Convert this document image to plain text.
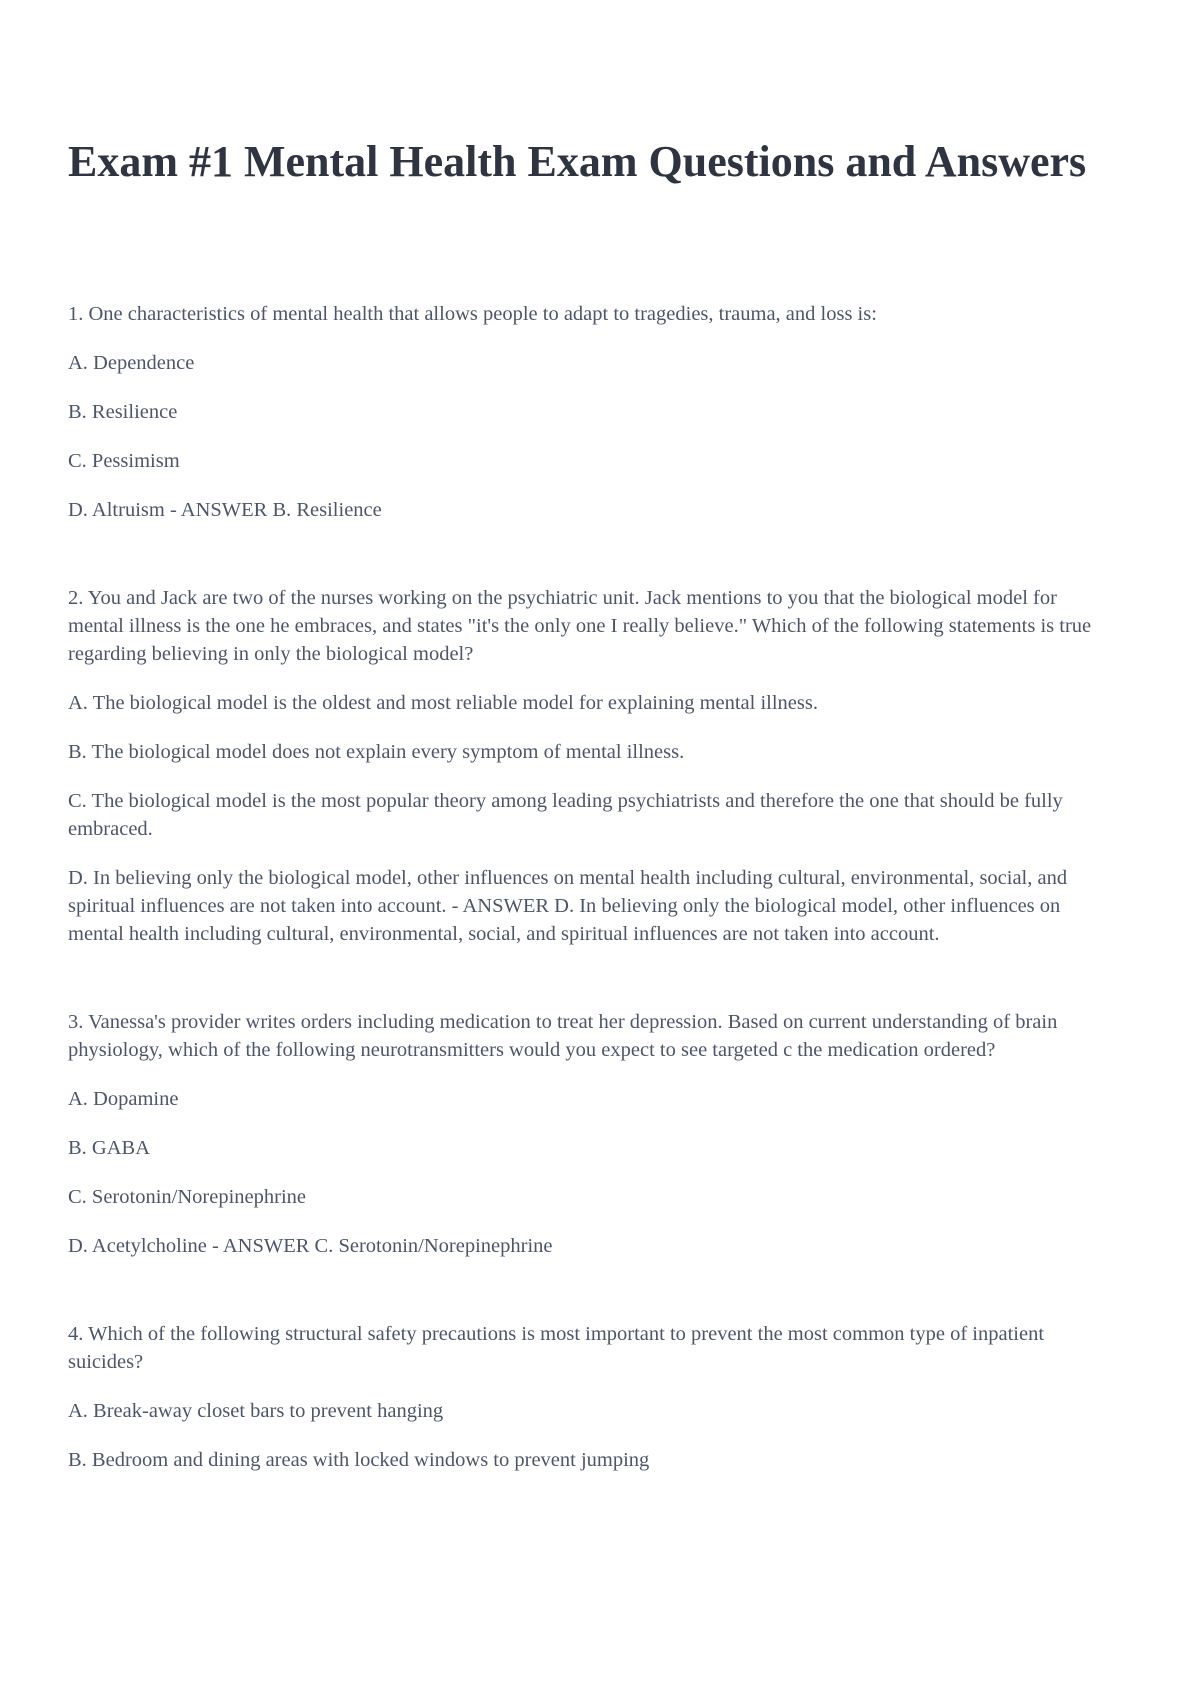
Exam #1 Mental Health Exam Questions and Answers

1. One characteristics of mental health that allows people to adapt to tragedies, trauma, and loss is:

A. Dependence

B. Resilience

C. Pessimism

D. Altruism - ANSWER B. Resilience

2. You and Jack are two of the nurses working on the psychiatric unit. Jack mentions to you that the biological model for mental illness is the one he embraces, and states "it's the only one I really believe." Which of the following statements is true regarding believing in only the biological model?

A. The biological model is the oldest and most reliable model for explaining mental illness.

B. The biological model does not explain every symptom of mental illness.

C. The biological model is the most popular theory among leading psychiatrists and therefore the one that should be fully embraced.

D. In believing only the biological model, other influences on mental health including cultural, environmental, social, and spiritual influences are not taken into account. - ANSWER D. In believing only the biological model, other influences on mental health including cultural, environmental, social, and spiritual influences are not taken into account.

3. Vanessa's provider writes orders including medication to treat her depression. Based on current understanding of brain physiology, which of the following neurotransmitters would you expect to see targeted c the medication ordered?

A. Dopamine

B. GABA

C. Serotonin/Norepinephrine

D. Acetylcholine - ANSWER C. Serotonin/Norepinephrine

4. Which of the following structural safety precautions is most important to prevent the most common type of inpatient suicides?

A. Break-away closet bars to prevent hanging

B. Bedroom and dining areas with locked windows to prevent jumping
